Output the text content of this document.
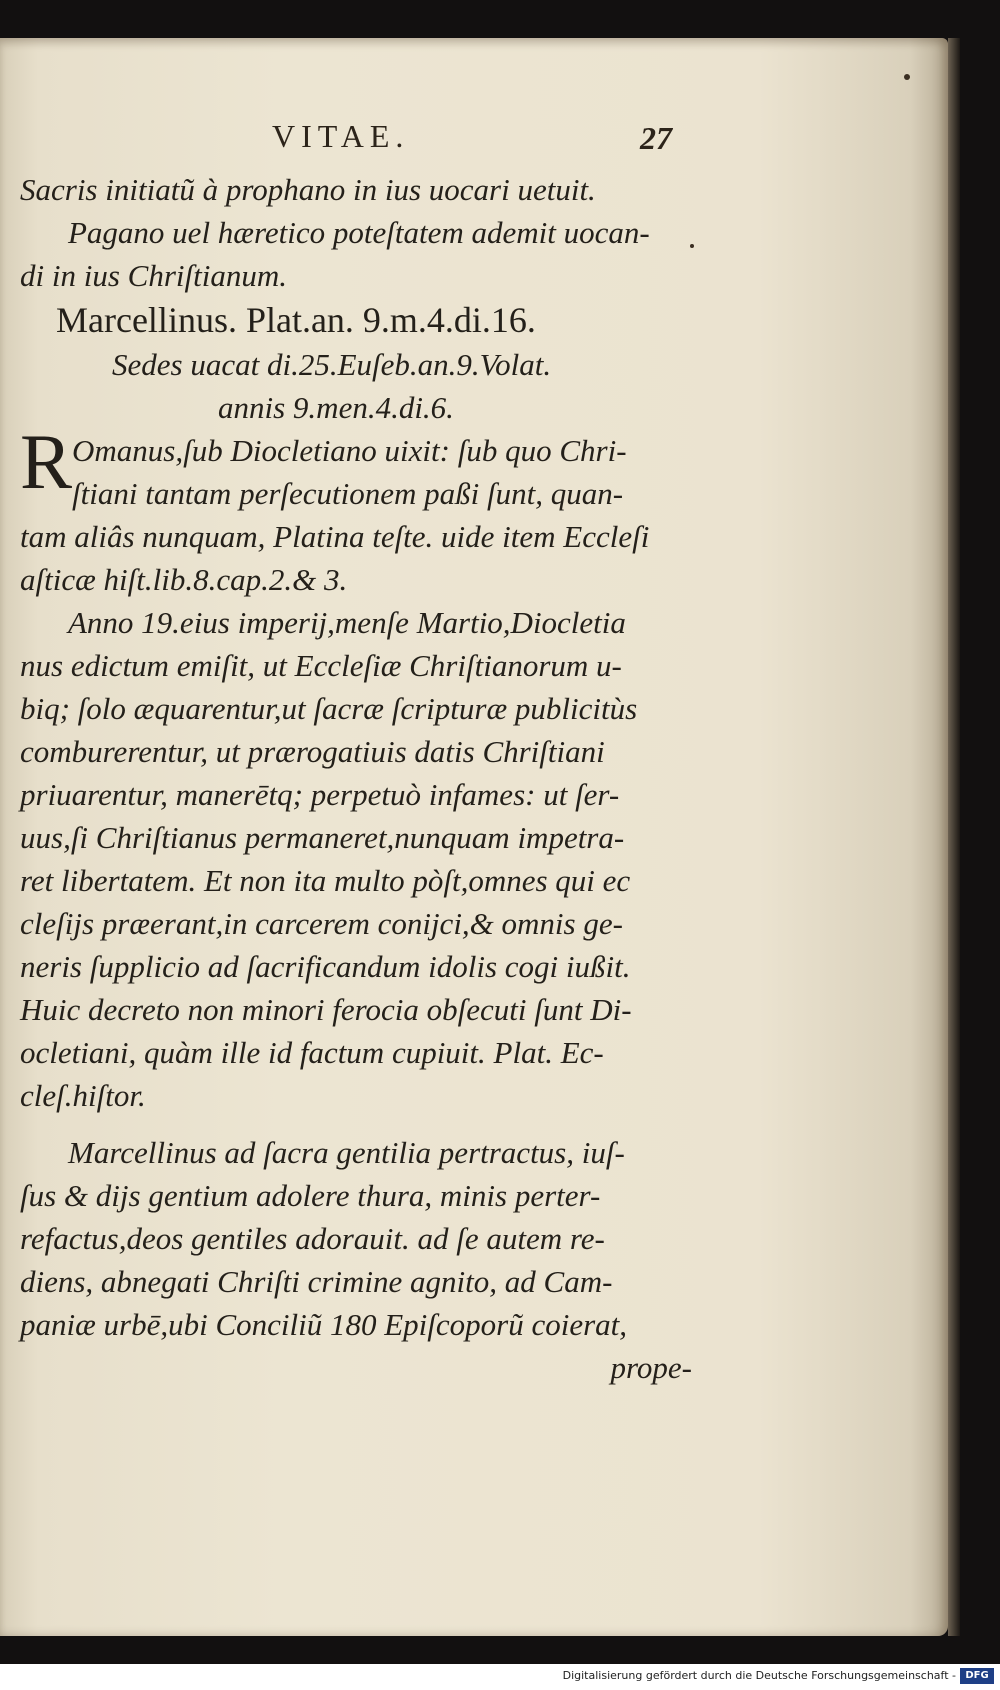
VITAE.	27

Sacris initiatũ à prophano in ius uocari uetuit.

Pagano uel hæretico poteſtatem ademit uocan-

di in ius Chriſtianum.

Marcellinus. Plat.an. 9.m.4.di.16.

Sedes uacat di.25.Euſeb.an.9.Volat.

annis 9.men.4.di.6.

R Omanus,ſub Diocletiano uixit: ſub quo Chri-

ſtiani tantam perſecutionem paßi ſunt, quan-

tam aliâs nunquam, Platina teſte. uide item Eccleſi

aſticæ hiſt.lib.8.cap.2.& 3.

Anno 19.eius imperij,menſe Martio,Diocletia

nus edictum emiſit, ut Eccleſiæ Chriſtianorum u-

biq; ſolo æquarentur,ut ſacræ ſcripturæ publicitùs

comburerentur, ut prærogatiuis datis Chriſtiani

priuarentur, manerētq; perpetuò infames: ut ſer-

uus,ſi Chriſtianus permaneret,nunquam impetra-

ret libertatem. Et non ita multo pòſt,omnes qui ec

cleſijs præerant,in carcerem conijci,& omnis ge-

neris ſupplicio ad ſacrificandum idolis cogi iußit.

Huic decreto non minori ferocia obſecuti ſunt Di-

ocletiani, quàm ille id factum cupiuit. Plat. Ec-

cleſ.hiſtor.

Marcellinus ad ſacra gentilia pertractus, iuſ-

ſus & dijs gentium adolere thura, minis perter-

refactus,deos gentiles adorauit. ad ſe autem re-

diens, abnegati Chriſti crimine agnito, ad Cam-

paniæ urbē,ubi Conciliũ 180 Epiſcoporũ coierat,

prope-

Digitalisierung gefördert durch die Deutsche Forschungsgemeinschaft - DFG
